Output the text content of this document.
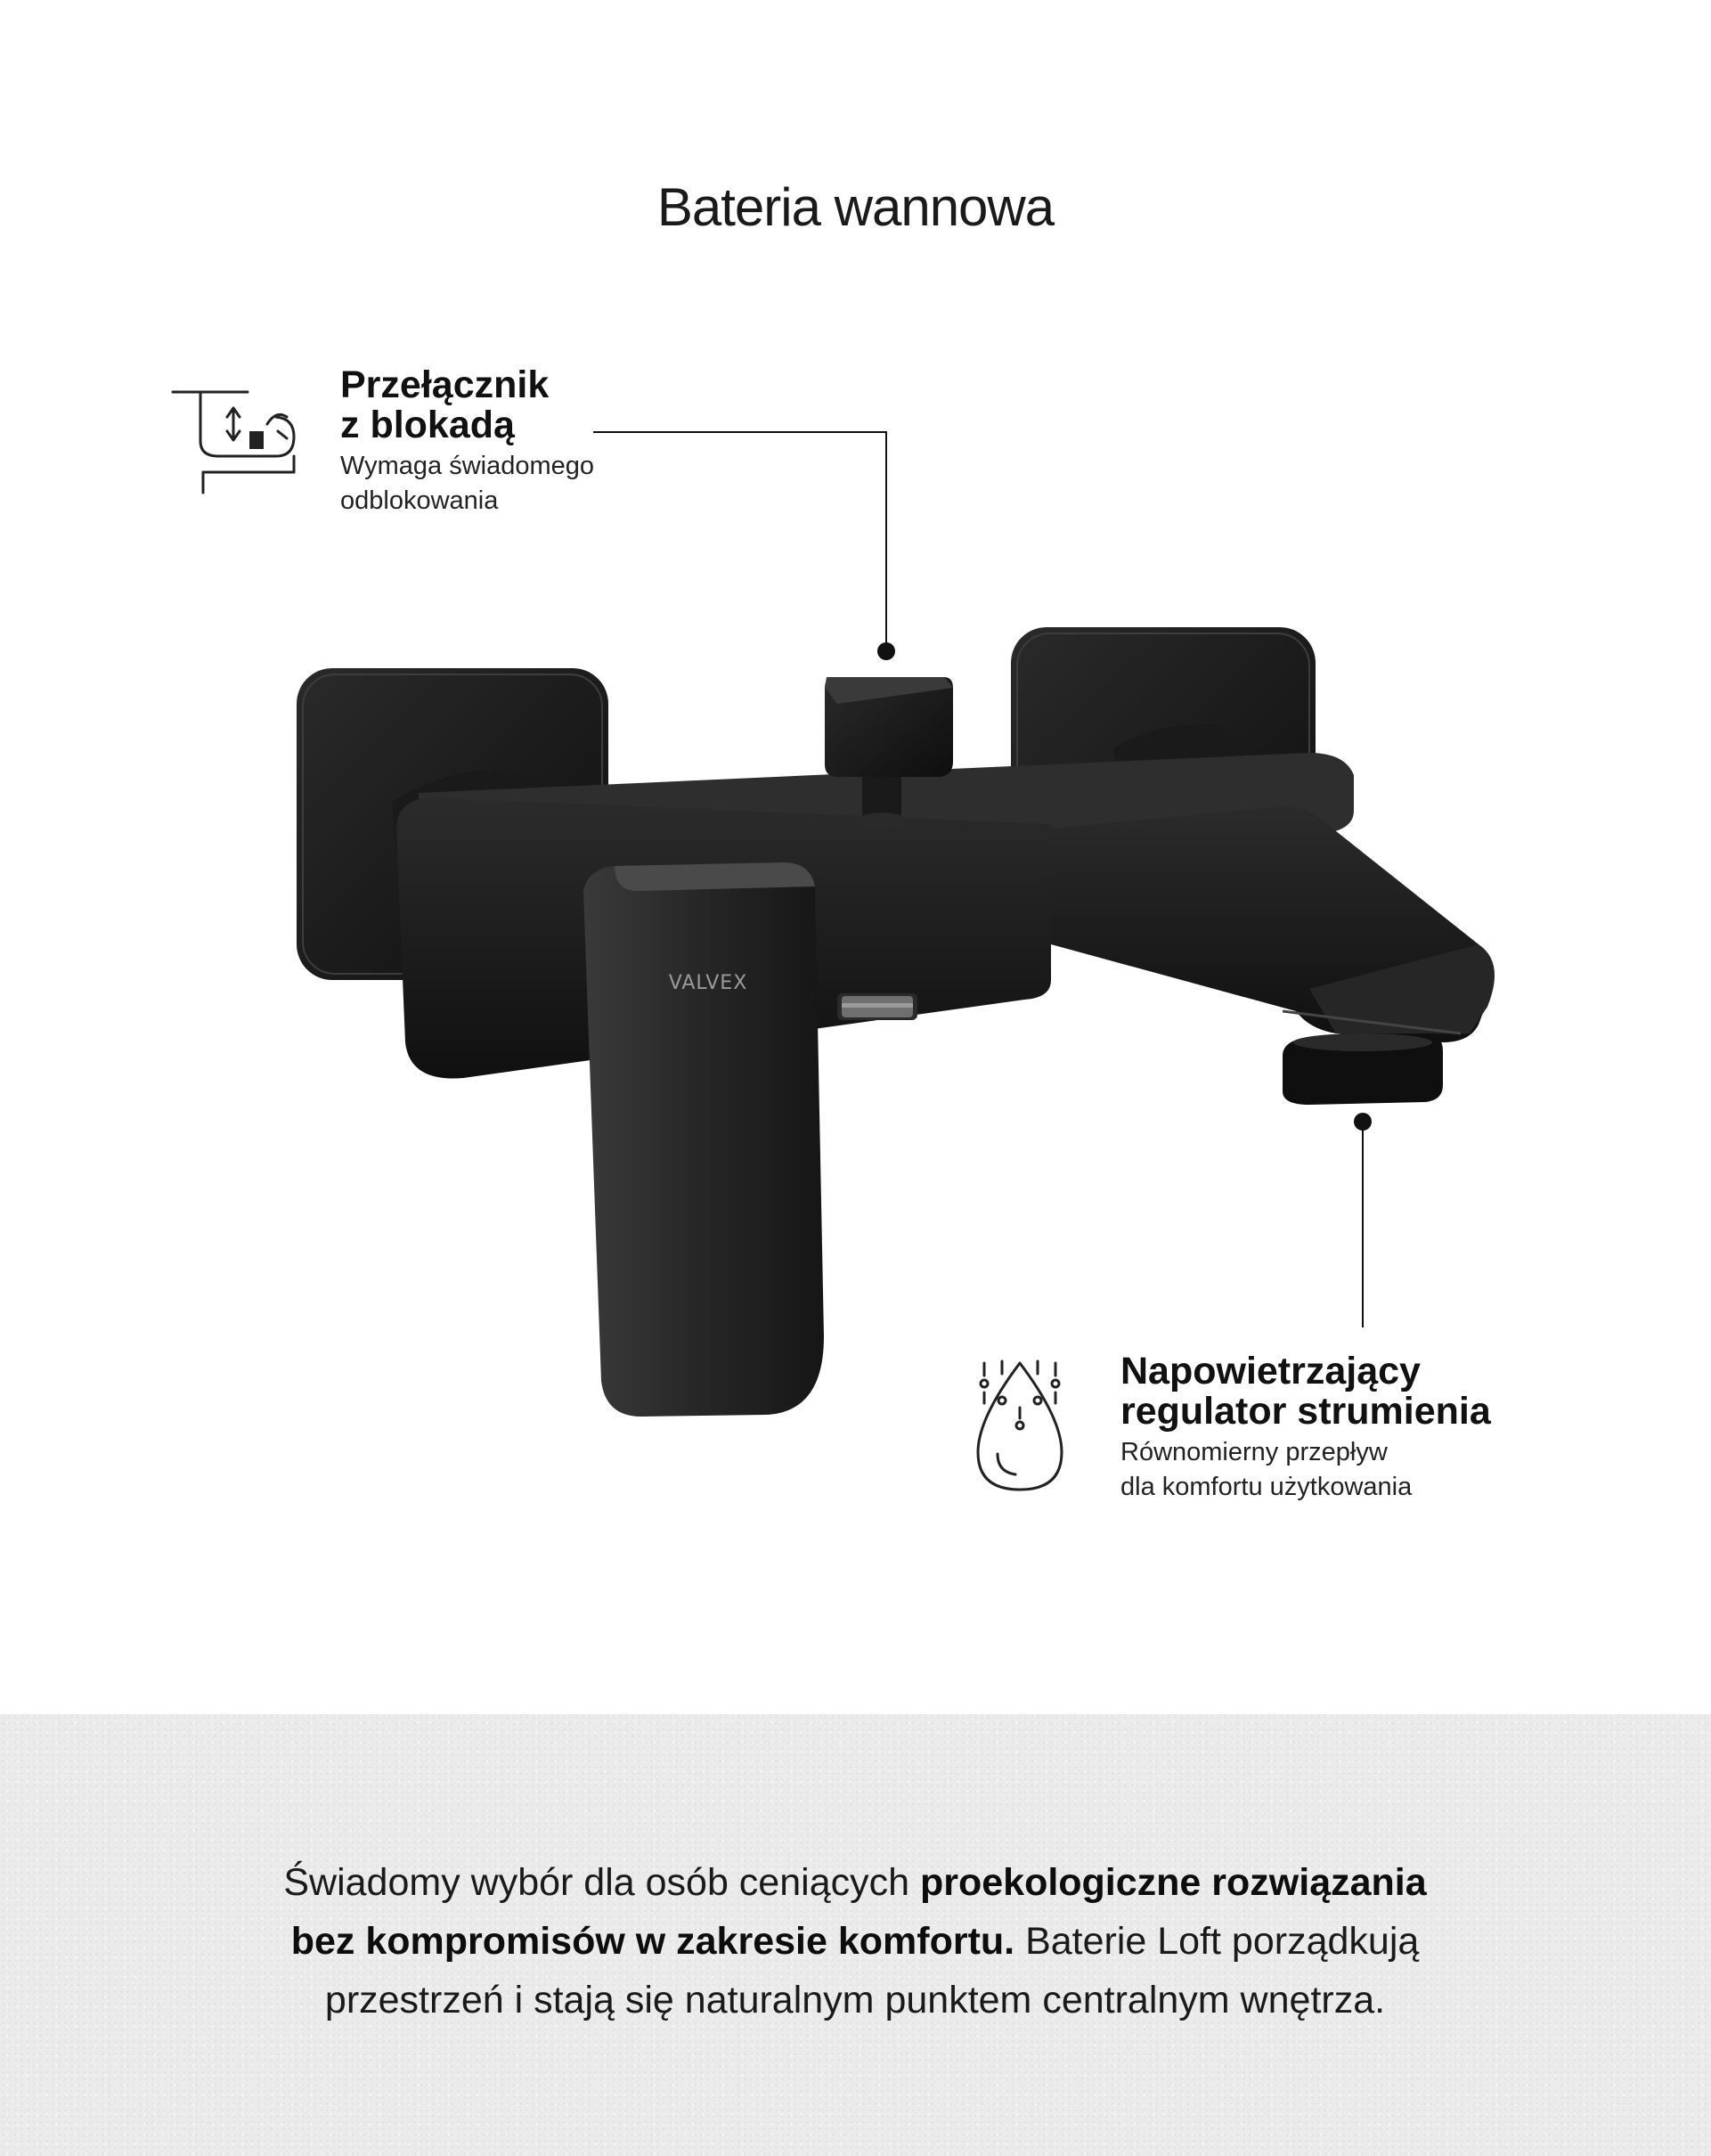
Bateria wannowa
VALVEX
Przełącznik
z blokadą
Wymaga świadomego
odblokowania
Napowietrzający
regulator strumienia
Równomierny przepływ
dla komfortu użytkowania
Świadomy wybór dla osób ceniących proekologiczne rozwiązania
bez kompromisów w zakresie komfortu. Baterie Loft porządkują
przestrzeń i stają się naturalnym punktem centralnym wnętrza.
